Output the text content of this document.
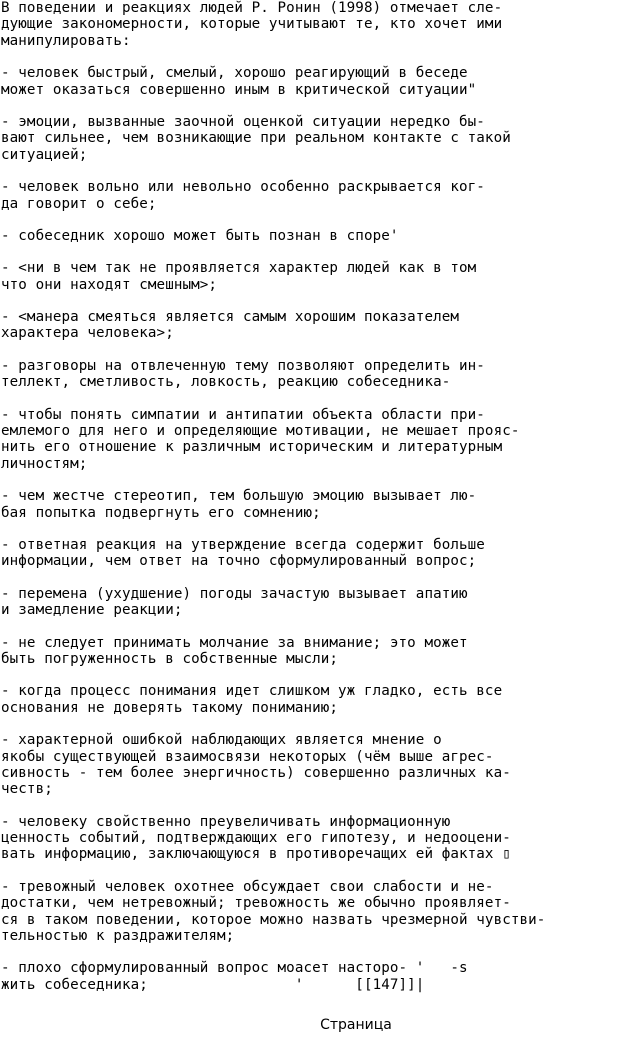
В поведении и реакциях людей Р. Ронин (1998) отмечает сле-
дующие закономерности, которые учитывают те, кто хочет ими
манипулировать:
- человек быстрый, смелый, хорошо реагирующий в беседе
может оказаться совершенно иным в критической ситуации"
- эмоции, вызванные заочной оценкой ситуации нередко бы-
вают сильнее, чем возникающие при реальном контакте с такой
ситуацией;
- человек вольно или невольно особенно раскрывается ког-
да говорит о себе;
- собеседник хорошо может быть познан в споре'
- <ни в чем так не проявляется характер людей как в том
что они находят смешным>;
- <манера смеяться является самым хорошим показателем
характера человека>;
- разговоры на отвлеченную тему позволяют определить ин-
теллект, сметливость, ловкость, реакцию собеседника-
- чтобы понять симпатии и антипатии объекта области при-
емлемого для него и определяющие мотивации, не мешает прояс-
нить его отношение к различным историческим и литературным
личностям;
- чем жестче стереотип, тем большую эмоцию вызывает лю-
бая попытка подвергнуть его сомнению;
- ответная реакция на утверждение всегда содержит больше
информации, чем ответ на точно сформулированный вопрос;
- перемена (ухудшение) погоды зачастую вызывает апатию
и замедление реакции;
- не следует принимать молчание за внимание; это может
быть погруженность в собственные мысли;
- когда процесс понимания идет слишком уж гладко, есть все
основания не доверять такому пониманию;
- характерной ошибкой наблюдающих является мнение о
якобы существующей взаимосвязи некоторых (чём выше агрес-
сивность - тем более энергичность) совершенно различных ка-
честв;
- человеку свойственно преувеличивать информационную
ценность событий, подтверждающих его гипотезу, и недооцени-
вать информацию, заключающуюся в противоречащих ей фактах ▯
- тревожный человек охотнее обсуждает свои слабости и не-
достатки, чем нетревожный; тревожность же обычно проявляет-
ся в таком поведении, которое можно назвать чрезмерной чувстви-
тельностью к раздражителям;
- плохо сформулированный вопрос моасет насторо- '   -s
жить собеседника;                 '      [[147]]|
Страница
